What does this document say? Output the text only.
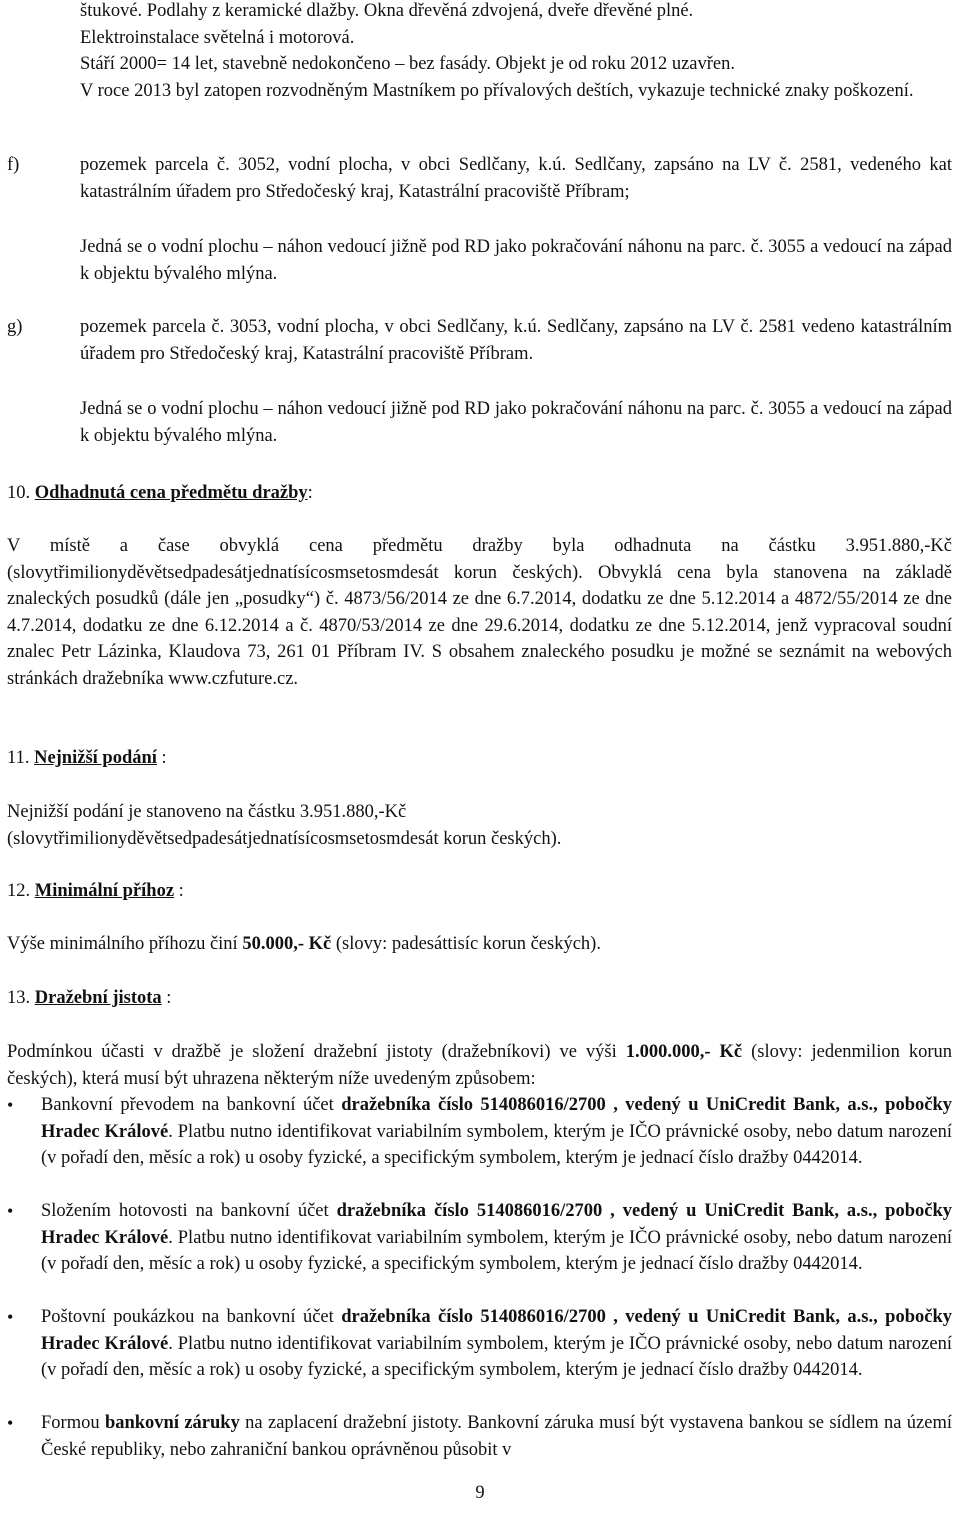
štukové. Podlahy z keramické dlažby. Okna dřevěná zdvojená, dveře dřevěné plné.

Elektroinstalace světelná i motorová.

Stáří 2000= 14 let, stavebně nedokončeno – bez fasády. Objekt je od roku 2012 uzavřen.

V roce 2013 byl zatopen rozvodněným Mastníkem po přívalových deštích, vykazuje technické znaky poškození.

f)	pozemek parcela č. 3052, vodní plocha, v obci Sedlčany, k.ú. Sedlčany, zapsáno na LV č. 2581, vedeného kat katastrálním úřadem pro Středočeský kraj, Katastrální pracoviště Příbram;

Jedná se o vodní plochu – náhon vedoucí jižně pod RD jako pokračování náhonu na parc. č. 3055 a vedoucí na západ k objektu bývalého mlýna.
g)	pozemek parcela č. 3053, vodní plocha, v obci Sedlčany, k.ú. Sedlčany, zapsáno na LV č. 2581 vedeno katastrálním úřadem pro Středočeský kraj, Katastrální pracoviště Příbram.

Jedná se o vodní plochu – náhon vedoucí jižně pod RD jako pokračování náhonu na parc. č. 3055 a vedoucí na západ k objektu bývalého mlýna.
10. Odhadnutá cena předmětu dražby:
V místě a čase obvyklá cena předmětu dražby byla odhadnuta na částku 3.951.880,-Kč (slovytřimilionyděvětsedpadesátjednatísícosmsetosmdesát korun českých). Obvyklá cena byla stanovena na základě znaleckých posudků (dále jen „posudky“) č. 4873/56/2014 ze dne 6.7.2014, dodatku ze dne 5.12.2014 a 4872/55/2014 ze dne 4.7.2014, dodatku ze dne 6.12.2014 a č. 4870/53/2014 ze dne 29.6.2014, dodatku ze dne 5.12.2014, jenž vypracoval soudní znalec Petr Lázinka, Klaudova 73, 261 01 Příbram IV. S obsahem znaleckého posudku je možné se seznámit na webových stránkách dražebníka www.czfuture.cz.
11. Nejnižší podání :

Nejnižší podání je stanoveno na částku 3.951.880,-Kč

(slovytřimilionyděvětsedpadesátjednatísícosmsetosmdesát korun českých).

12. Minimální příhoz :
Výše minimálního příhozu činí 50.000,- Kč (slovy: padesáttisíc korun českých).
13. Dražební jistota :
Podmínkou účasti v dražbě je složení dražební jistoty (dražebníkovi) ve výši 1.000.000,- Kč (slovy: jedenmilion korun českých), která musí být uhrazena některým níže uvedeným způsobem:
•	Bankovní převodem na bankovní účet dražebníka číslo 514086016/2700 , vedený u UniCredit Bank, a.s., pobočky Hradec Králové. Platbu nutno identifikovat variabilním symbolem, kterým je IČO právnické osoby, nebo datum narození (v pořadí den, měsíc a rok) u osoby fyzické, a specifickým symbolem, kterým je jednací číslo dražby 0442014.

•	Složením hotovosti na bankovní účet dražebníka číslo 514086016/2700 , vedený u UniCredit Bank, a.s., pobočky Hradec Králové. Platbu nutno identifikovat variabilním symbolem, kterým je IČO právnické osoby, nebo datum narození (v pořadí den, měsíc a rok) u osoby fyzické, a specifickým symbolem, kterým je jednací číslo dražby 0442014.

•	Poštovní poukázkou na bankovní účet dražebníka číslo 514086016/2700 , vedený u UniCredit Bank, a.s., pobočky Hradec Králové. Platbu nutno identifikovat variabilním symbolem, kterým je IČO právnické osoby, nebo datum narození (v pořadí den, měsíc a rok) u osoby fyzické, a specifickým symbolem, kterým je jednací číslo dražby 0442014.

•	Formou bankovní záruky na zaplacení dražební jistoty. Bankovní záruka musí být vystavena bankou se sídlem na území České republiky, nebo zahraniční bankou oprávněnou působit v

9
